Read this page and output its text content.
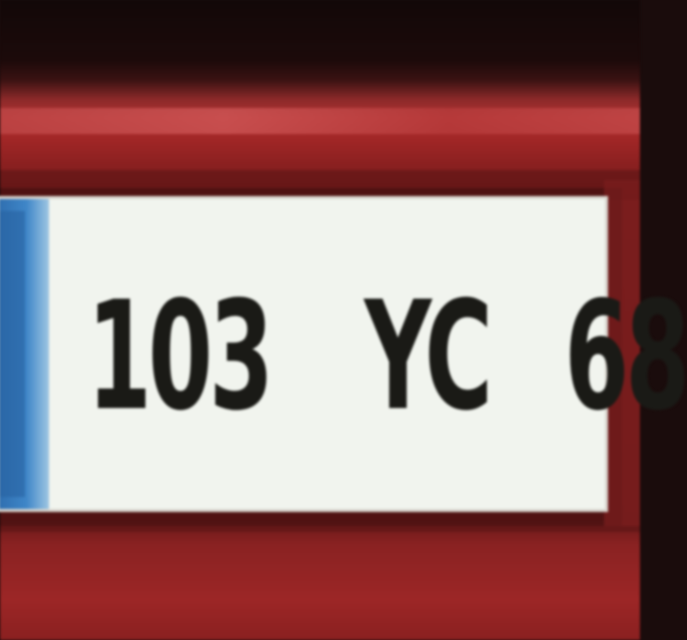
103 YC 68
